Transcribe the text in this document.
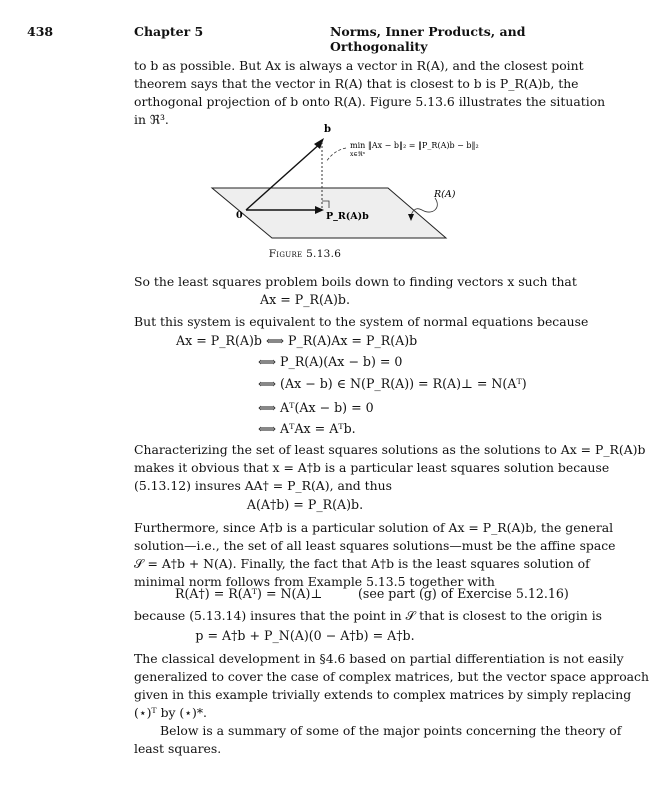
438	Chapter 5	Norms, Inner Products, and Orthogonality
to b as possible. But Ax is always a vector in R(A), and the closest point
theorem says that the vector in R(A) that is closest to b is P_R(A)b, the
orthogonal projection of b onto R(A). Figure 5.13.6 illustrates the situation
in ℜ³.
b
0	P_R(A)b
R(A)
min ‖Ax − b‖₂ = ‖P_R(A)b − b‖₂
x∈ℜⁿ
Figure 5.13.6
So the least squares problem boils down to finding vectors x such that
Ax = P_R(A)b.
But this system is equivalent to the system of normal equations because
Ax = P_R(A)b ⟺ P_R(A)Ax = P_R(A)b
⟺ P_R(A)(Ax − b) = 0
⟺ (Ax − b) ∈ N(P_R(A)) = R(A)⊥ = N(Aᵀ)
⟺ Aᵀ(Ax − b) = 0
⟺ AᵀAx = Aᵀb.
Characterizing the set of least squares solutions as the solutions to Ax = P_R(A)b
makes it obvious that x = A†b is a particular least squares solution because
(5.13.12) insures AA† = P_R(A), and thus
A(A†b) = P_R(A)b.
Furthermore, since A†b is a particular solution of Ax = P_R(A)b, the general
solution—i.e., the set of all least squares solutions—must be the affine space
𝒮 = A†b + N(A). Finally, the fact that A†b is the least squares solution of
minimal norm follows from Example 5.13.5 together with
R(A†) = R(Aᵀ) = N(A)⊥	(see part (g) of Exercise 5.12.16)
because (5.13.14) insures that the point in 𝒮 that is closest to the origin is
p = A†b + P_N(A)(0 − A†b) = A†b.
The classical development in §4.6 based on partial differentiation is not easily
generalized to cover the case of complex matrices, but the vector space approach
given in this example trivially extends to complex matrices by simply replacing
(⋆)ᵀ by (⋆)*.
Below is a summary of some of the major points concerning the theory of
least squares.
